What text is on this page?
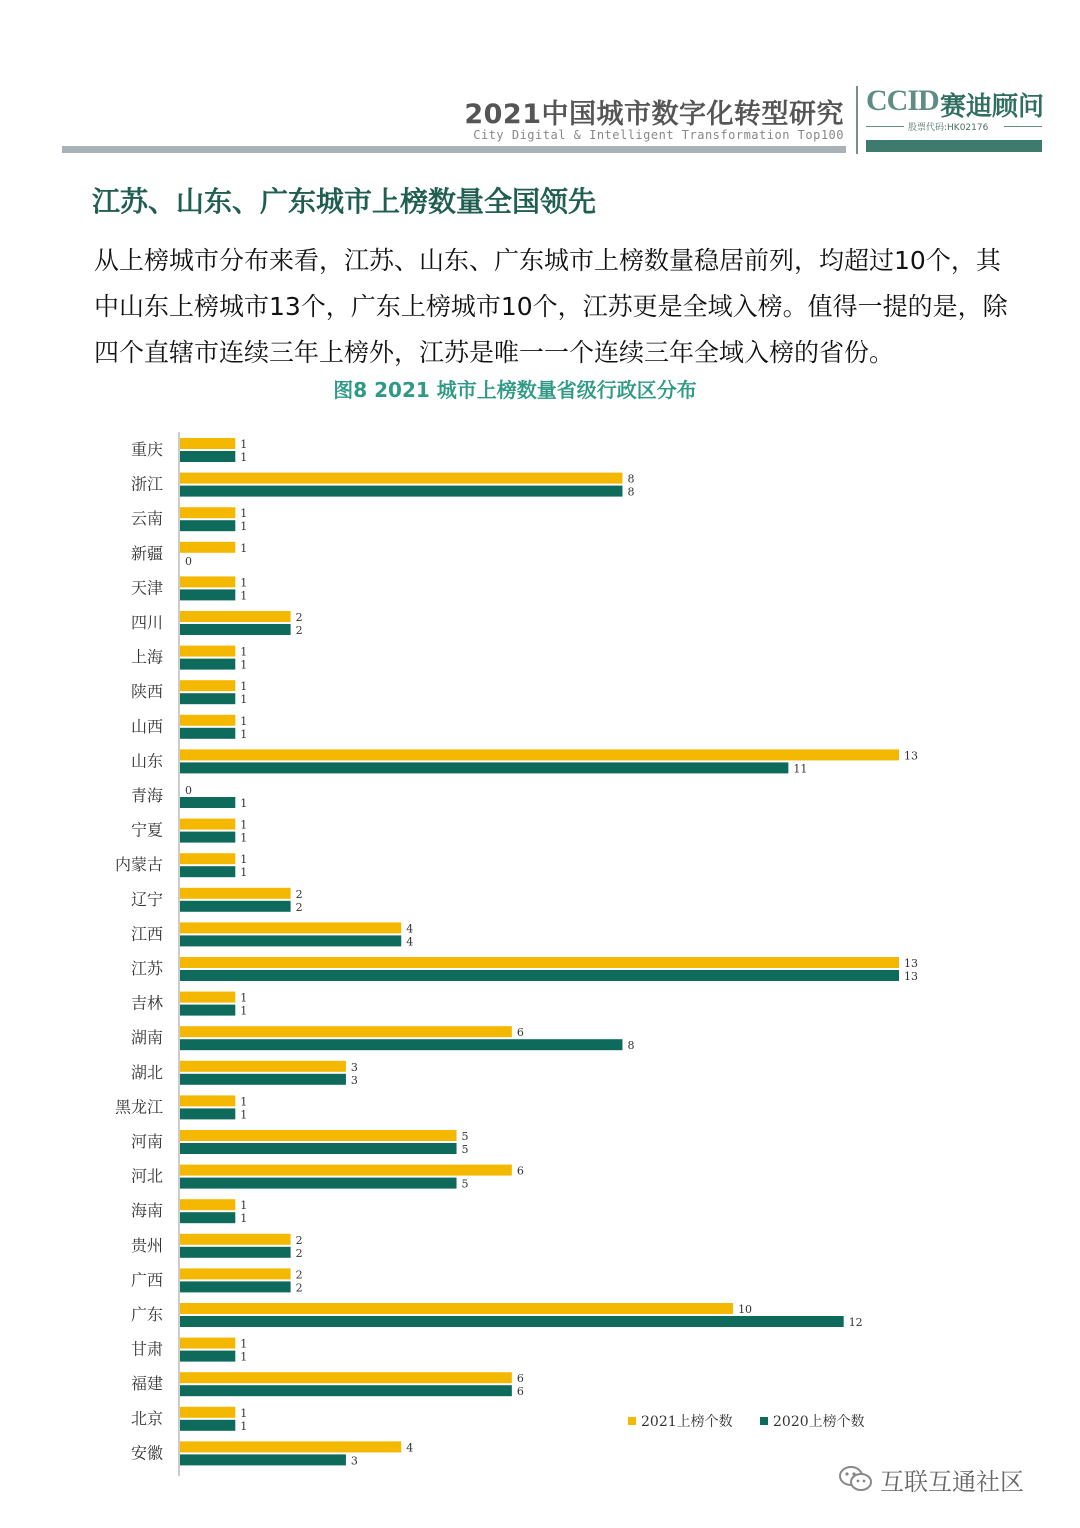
2021中国城市数字化转型研究
City Digital & Intelligent Transformation Top100
CCID 赛迪顾问
股票代码:HK02176
江苏、山东、广东城市上榜数量全国领先
从上榜城市分布来看，江苏、山东、广东城市上榜数量稳居前列，均超过10个，其
中山东上榜城市13个，广东上榜城市10个，江苏更是全域入榜。值得一提的是，除
四个直辖市连续三年上榜外，江苏是唯一一个连续三年全域入榜的省份。
图8 2021 城市上榜数量省级行政区分布
重庆	1
1
浙江	8
8
云南	1
1
新疆	1
0
天津	1
1
四川	2
2
上海	1
1
陕西	1
1
山西	1
1
山东	13
11
青海 0
1
宁夏	1
1
内蒙古	1
1
辽宁	2
2
江西	4
4
江苏	13
13
吉林	1
1
湖南	6
8
湖北	3
3
黑龙江	1
1
河南	5
5
河北	6
5
海南	1
1
贵州	2
2
广西	2
2
广东	10
12
甘肃	1
1
福建	6
6
北京	1
1
安徽	4
3
2021上榜个数	2020上榜个数
互联互通社区
